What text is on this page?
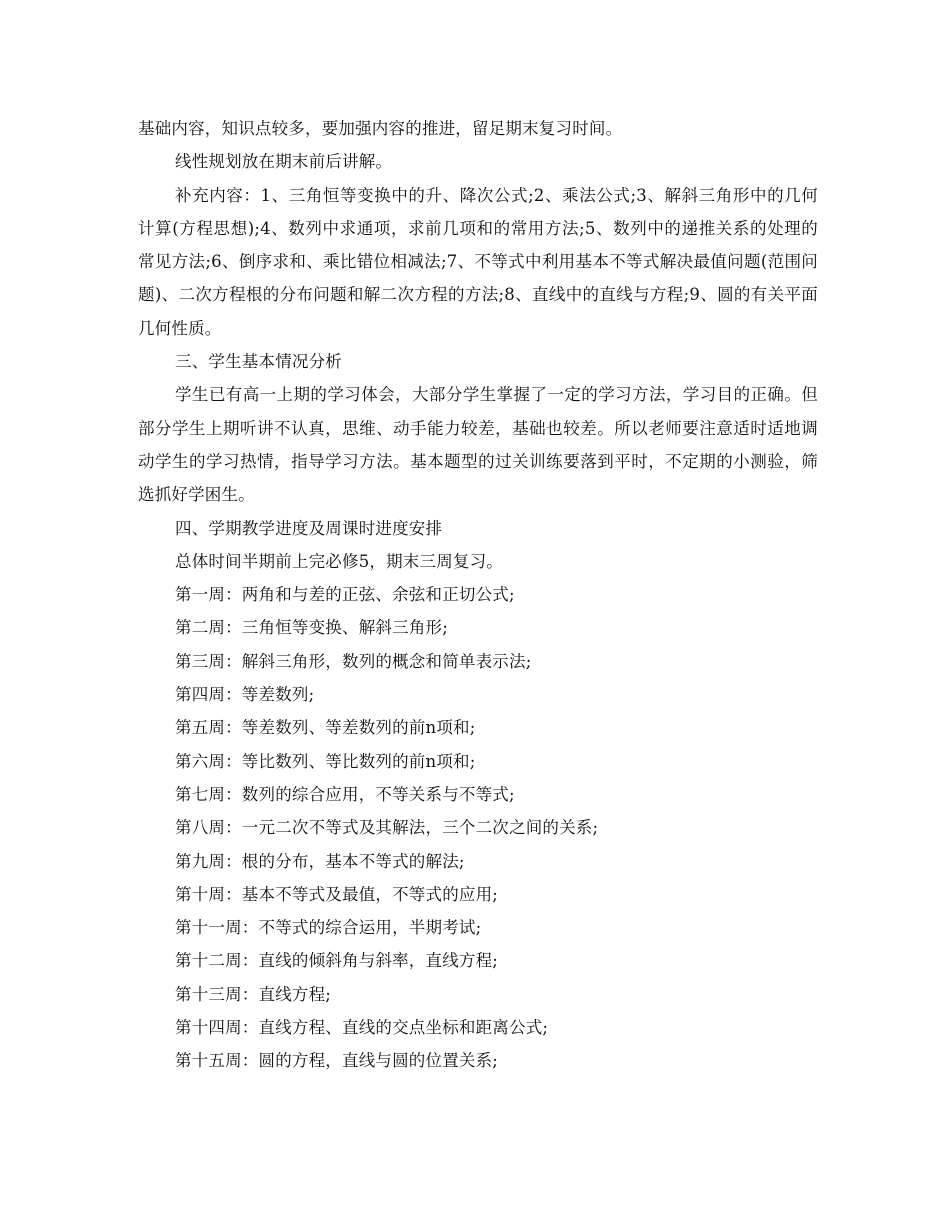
基础内容，知识点较多，要加强内容的推进，留足期末复习时间。

线性规划放在期末前后讲解。

补充内容：1、三角恒等变换中的升、降次公式;2、乘法公式;3、解斜三角形中的几何计算(方程思想);4、数列中求通项，求前几项和的常用方法;5、数列中的递推关系的处理的常见方法;6、倒序求和、乘比错位相减法;7、不等式中利用基本不等式解决最值问题(范围问题)、二次方程根的分布问题和解二次方程的方法;8、直线中的直线与方程;9、圆的有关平面几何性质。

三、学生基本情况分析

学生已有高一上期的学习体会，大部分学生掌握了一定的学习方法，学习目的正确。但部分学生上期听讲不认真，思维、动手能力较差，基础也较差。所以老师要注意适时适地调动学生的学习热情，指导学习方法。基本题型的过关训练要落到平时，不定期的小测验，筛选抓好学困生。

四、学期教学进度及周课时进度安排

总体时间半期前上完必修5，期末三周复习。

第一周：两角和与差的正弦、余弦和正切公式;

第二周：三角恒等变换、解斜三角形;

第三周：解斜三角形，数列的概念和简单表示法;

第四周：等差数列;

第五周：等差数列、等差数列的前n项和;

第六周：等比数列、等比数列的前n项和;

第七周：数列的综合应用，不等关系与不等式;

第八周：一元二次不等式及其解法，三个二次之间的关系;

第九周：根的分布，基本不等式的解法;

第十周：基本不等式及最值，不等式的应用;

第十一周：不等式的综合运用，半期考试;

第十二周：直线的倾斜角与斜率，直线方程;

第十三周：直线方程;

第十四周：直线方程、直线的交点坐标和距离公式;

第十五周：圆的方程，直线与圆的位置关系;
